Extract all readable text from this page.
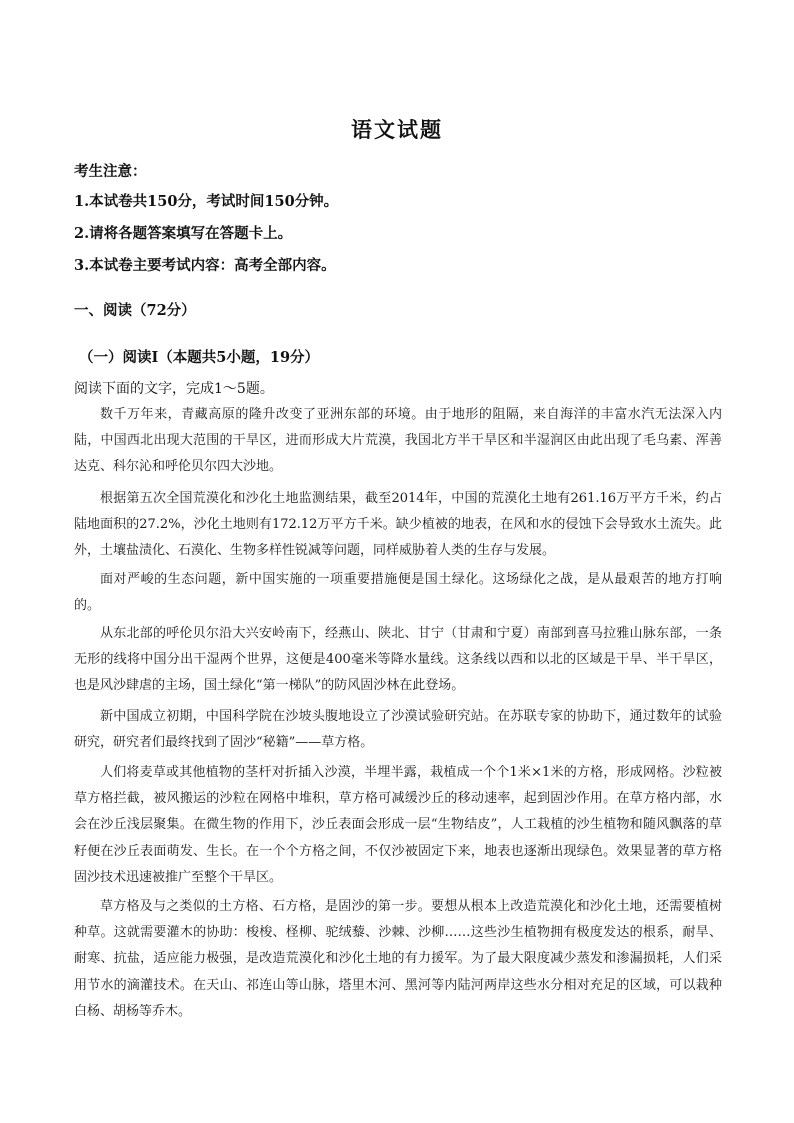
语文试题
考生注意：
1.本试卷共150分，考试时间150分钟。
2.请将各题答案填写在答题卡上。
3.本试卷主要考试内容：高考全部内容。
一、阅读（72分）
（一）阅读Ⅰ（本题共5小题，19分）
阅读下面的文字，完成1～5题。
数千万年来，青藏高原的隆升改变了亚洲东部的环境。由于地形的阻隔，来自海洋的丰富水汽无法深入内陆，中国西北出现大范围的干旱区，进而形成大片荒漠，我国北方半干旱区和半湿润区由此出现了毛乌素、浑善达克、科尔沁和呼伦贝尔四大沙地。
根据第五次全国荒漠化和沙化土地监测结果，截至2014年，中国的荒漠化土地有261.16万平方千米，约占陆地面积的27.2%，沙化土地则有172.12万平方千米。缺少植被的地表，在风和水的侵蚀下会导致水土流失。此外，土壤盐渍化、石漠化、生物多样性锐减等问题，同样威胁着人类的生存与发展。
面对严峻的生态问题，新中国实施的一项重要措施便是国土绿化。这场绿化之战，是从最艰苦的地方打响的。
从东北部的呼伦贝尔沿大兴安岭南下，经燕山、陕北、甘宁（甘肃和宁夏）南部到喜马拉雅山脉东部，一条无形的线将中国分出干湿两个世界，这便是400毫米等降水量线。这条线以西和以北的区域是干旱、半干旱区，也是风沙肆虐的主场，国土绿化“第一梯队”的防风固沙林在此登场。
新中国成立初期，中国科学院在沙坡头腹地设立了沙漠试验研究站。在苏联专家的协助下，通过数年的试验研究，研究者们最终找到了固沙“秘籍”——草方格。
人们将麦草或其他植物的茎杆对折插入沙漠，半埋半露，栽植成一个个1米×1米的方格，形成网格。沙粒被草方格拦截，被风搬运的沙粒在网格中堆积，草方格可减缓沙丘的移动速率，起到固沙作用。在草方格内部，水会在沙丘浅层聚集。在微生物的作用下，沙丘表面会形成一层“生物结皮”，人工栽植的沙生植物和随风飘落的草籽便在沙丘表面萌发、生长。在一个个方格之间，不仅沙被固定下来，地表也逐渐出现绿色。效果显著的草方格固沙技术迅速被推广至整个干旱区。
草方格及与之类似的土方格、石方格，是固沙的第一步。要想从根本上改造荒漠化和沙化土地，还需要植树种草。这就需要灌木的协助：梭梭、柽柳、驼绒藜、沙棘、沙柳……这些沙生植物拥有极度发达的根系，耐旱、耐寒、抗盐，适应能力极强，是改造荒漠化和沙化土地的有力援军。为了最大限度减少蒸发和渗漏损耗，人们采用节水的滴灌技术。在天山、祁连山等山脉，塔里木河、黑河等内陆河两岸这些水分相对充足的区域，可以栽种白杨、胡杨等乔木。
